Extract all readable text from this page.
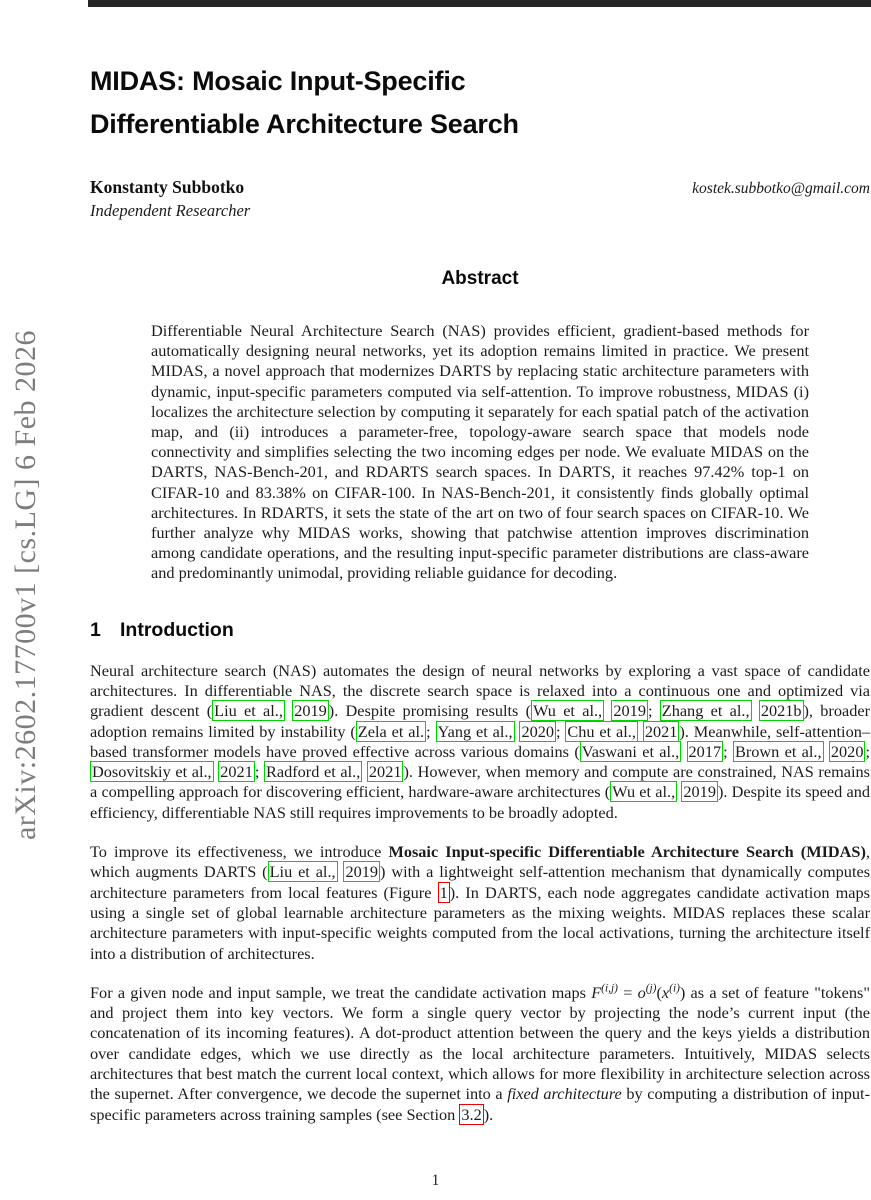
arXiv:2602.17700v1 [cs.LG] 6 Feb 2026
MIDAS: Mosaic Input-Specific
Differentiable Architecture Search
Konstanty Subbotko
Independent Researcher
kostek.subbotko@gmail.com
Abstract

Differentiable Neural Architecture Search (NAS) provides efficient, gradient-based methods for automatically designing neural networks, yet its adoption remains limited in practice. We present MIDAS, a novel approach that modernizes DARTS by replacing static architecture parameters with dynamic, input-specific parameters computed via self-attention. To improve robustness, MIDAS (i) localizes the architecture selection by computing it separately for each spatial patch of the activation map, and (ii) introduces a parameter-free, topology-aware search space that models node connectivity and simplifies selecting the two incoming edges per node. We evaluate MIDAS on the DARTS, NAS-Bench-201, and RDARTS search spaces. In DARTS, it reaches 97.42% top-1 on CIFAR-10 and 83.38% on CIFAR-100. In NAS-Bench-201, it consistently finds globally optimal architectures. In RDARTS, it sets the state of the art on two of four search spaces on CIFAR-10. We further analyze why MIDAS works, showing that patchwise attention improves discrimination among candidate operations, and the resulting input-specific parameter distributions are class-aware and predominantly unimodal, providing reliable guidance for decoding.

1 Introduction

Neural architecture search (NAS) automates the design of neural networks by exploring a vast space of candidate architectures. In differentiable NAS, the discrete search space is relaxed into a continuous one and optimized via gradient descent ( Liu et al., 2019 ). Despite promising results ( Wu et al., 2019 ; Zhang et al., 2021b ), broader adoption remains limited by instability ( Zela et al. ; Yang et al., 2020 ; Chu et al., 2021 ). Meanwhile, self-attention–based transformer models have proved effective across various domains ( Vaswani et al., 2017 ; Brown et al., 2020 ; Dosovitskiy et al., 2021 ; Radford et al., 2021 ). However, when memory and compute are constrained, NAS remains a compelling approach for discovering efficient, hardware-aware architectures ( Wu et al., 2019 ). Despite its speed and efficiency, differentiable NAS still requires improvements to be broadly adopted.

To improve its effectiveness, we introduce Mosaic Input-specific Differentiable Architecture Search (MIDAS), which augments DARTS ( Liu et al., 2019 ) with a lightweight self-attention mechanism that dynamically computes architecture parameters from local features (Figure 1 ). In DARTS, each node aggregates candidate activation maps using a single set of global learnable architecture parameters as the mixing weights. MIDAS replaces these scalar architecture parameters with input-specific weights computed from the local activations, turning the architecture itself into a distribution of architectures.

For a given node and input sample, we treat the candidate activation maps $F^{(i,j)} = o^{(j)}(x^{(i)})$ as a set of feature "tokens" and project them into key vectors. We form a single query vector by projecting the node’s current input (the concatenation of its incoming features). A dot-product attention between the query and the keys yields a distribution over candidate edges, which we use directly as the local architecture parameters. Intuitively, MIDAS selects architectures that best match the current local context, which allows for more flexibility in architecture selection across the supernet. After convergence, we decode the supernet into a fixed architecture by computing a distribution of input-specific parameters across training samples (see Section 3.2 ).

1
